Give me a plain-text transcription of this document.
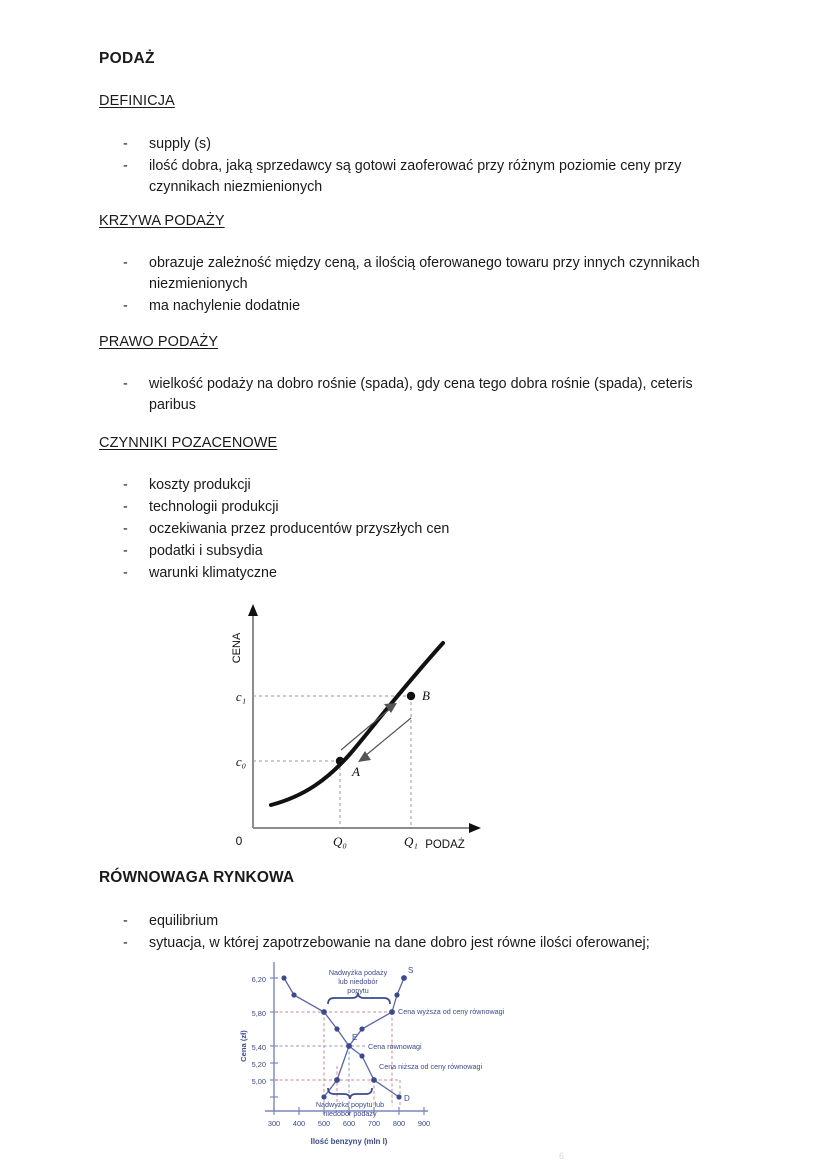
PODAŻ
DEFINICJA
- supply (s)
- ilość dobra, jaką sprzedawcy są gotowi zaoferować przy różnym poziomie ceny przy czynnikach niezmienionych
KRZYWA PODAŻY
- obrazuje zależność między ceną, a ilością oferowanego towaru przy innych czynnikach niezmienionych
- ma nachylenie dodatnie
PRAWO PODAŻY
- wielkość podaży na dobro rośnie (spada), gdy cena tego dobra rośnie (spada), ceteris paribus
CZYNNIKI POZACENOWE
- koszty produkcji
- technologii produkcji
- oczekiwania przez producentów przyszłych cen
- podatki i subsydia
- warunki klimatyczne
RÓWNOWAGA RYNKOWA
- equilibrium
- sytuacja, w której zapotrzebowanie na dane dobro jest równe ilości oferowanej;
CENA
PODAŻ
0
c₁
c₀
Q₀	Q₁
A
B
6,20
5,80
5,40
5,20
5,00
300 400 500 600 700 800 900
Cena (zł)
Ilość benzyny (mln l)
S
D
E
Nadwyżka podaży
lub niedobór
popytu
Cena wyższa od ceny równowagi
Cena równowagi
Cena niższa od ceny równowagi
Nadwyżka popytu lub
niedobór podaży
6
